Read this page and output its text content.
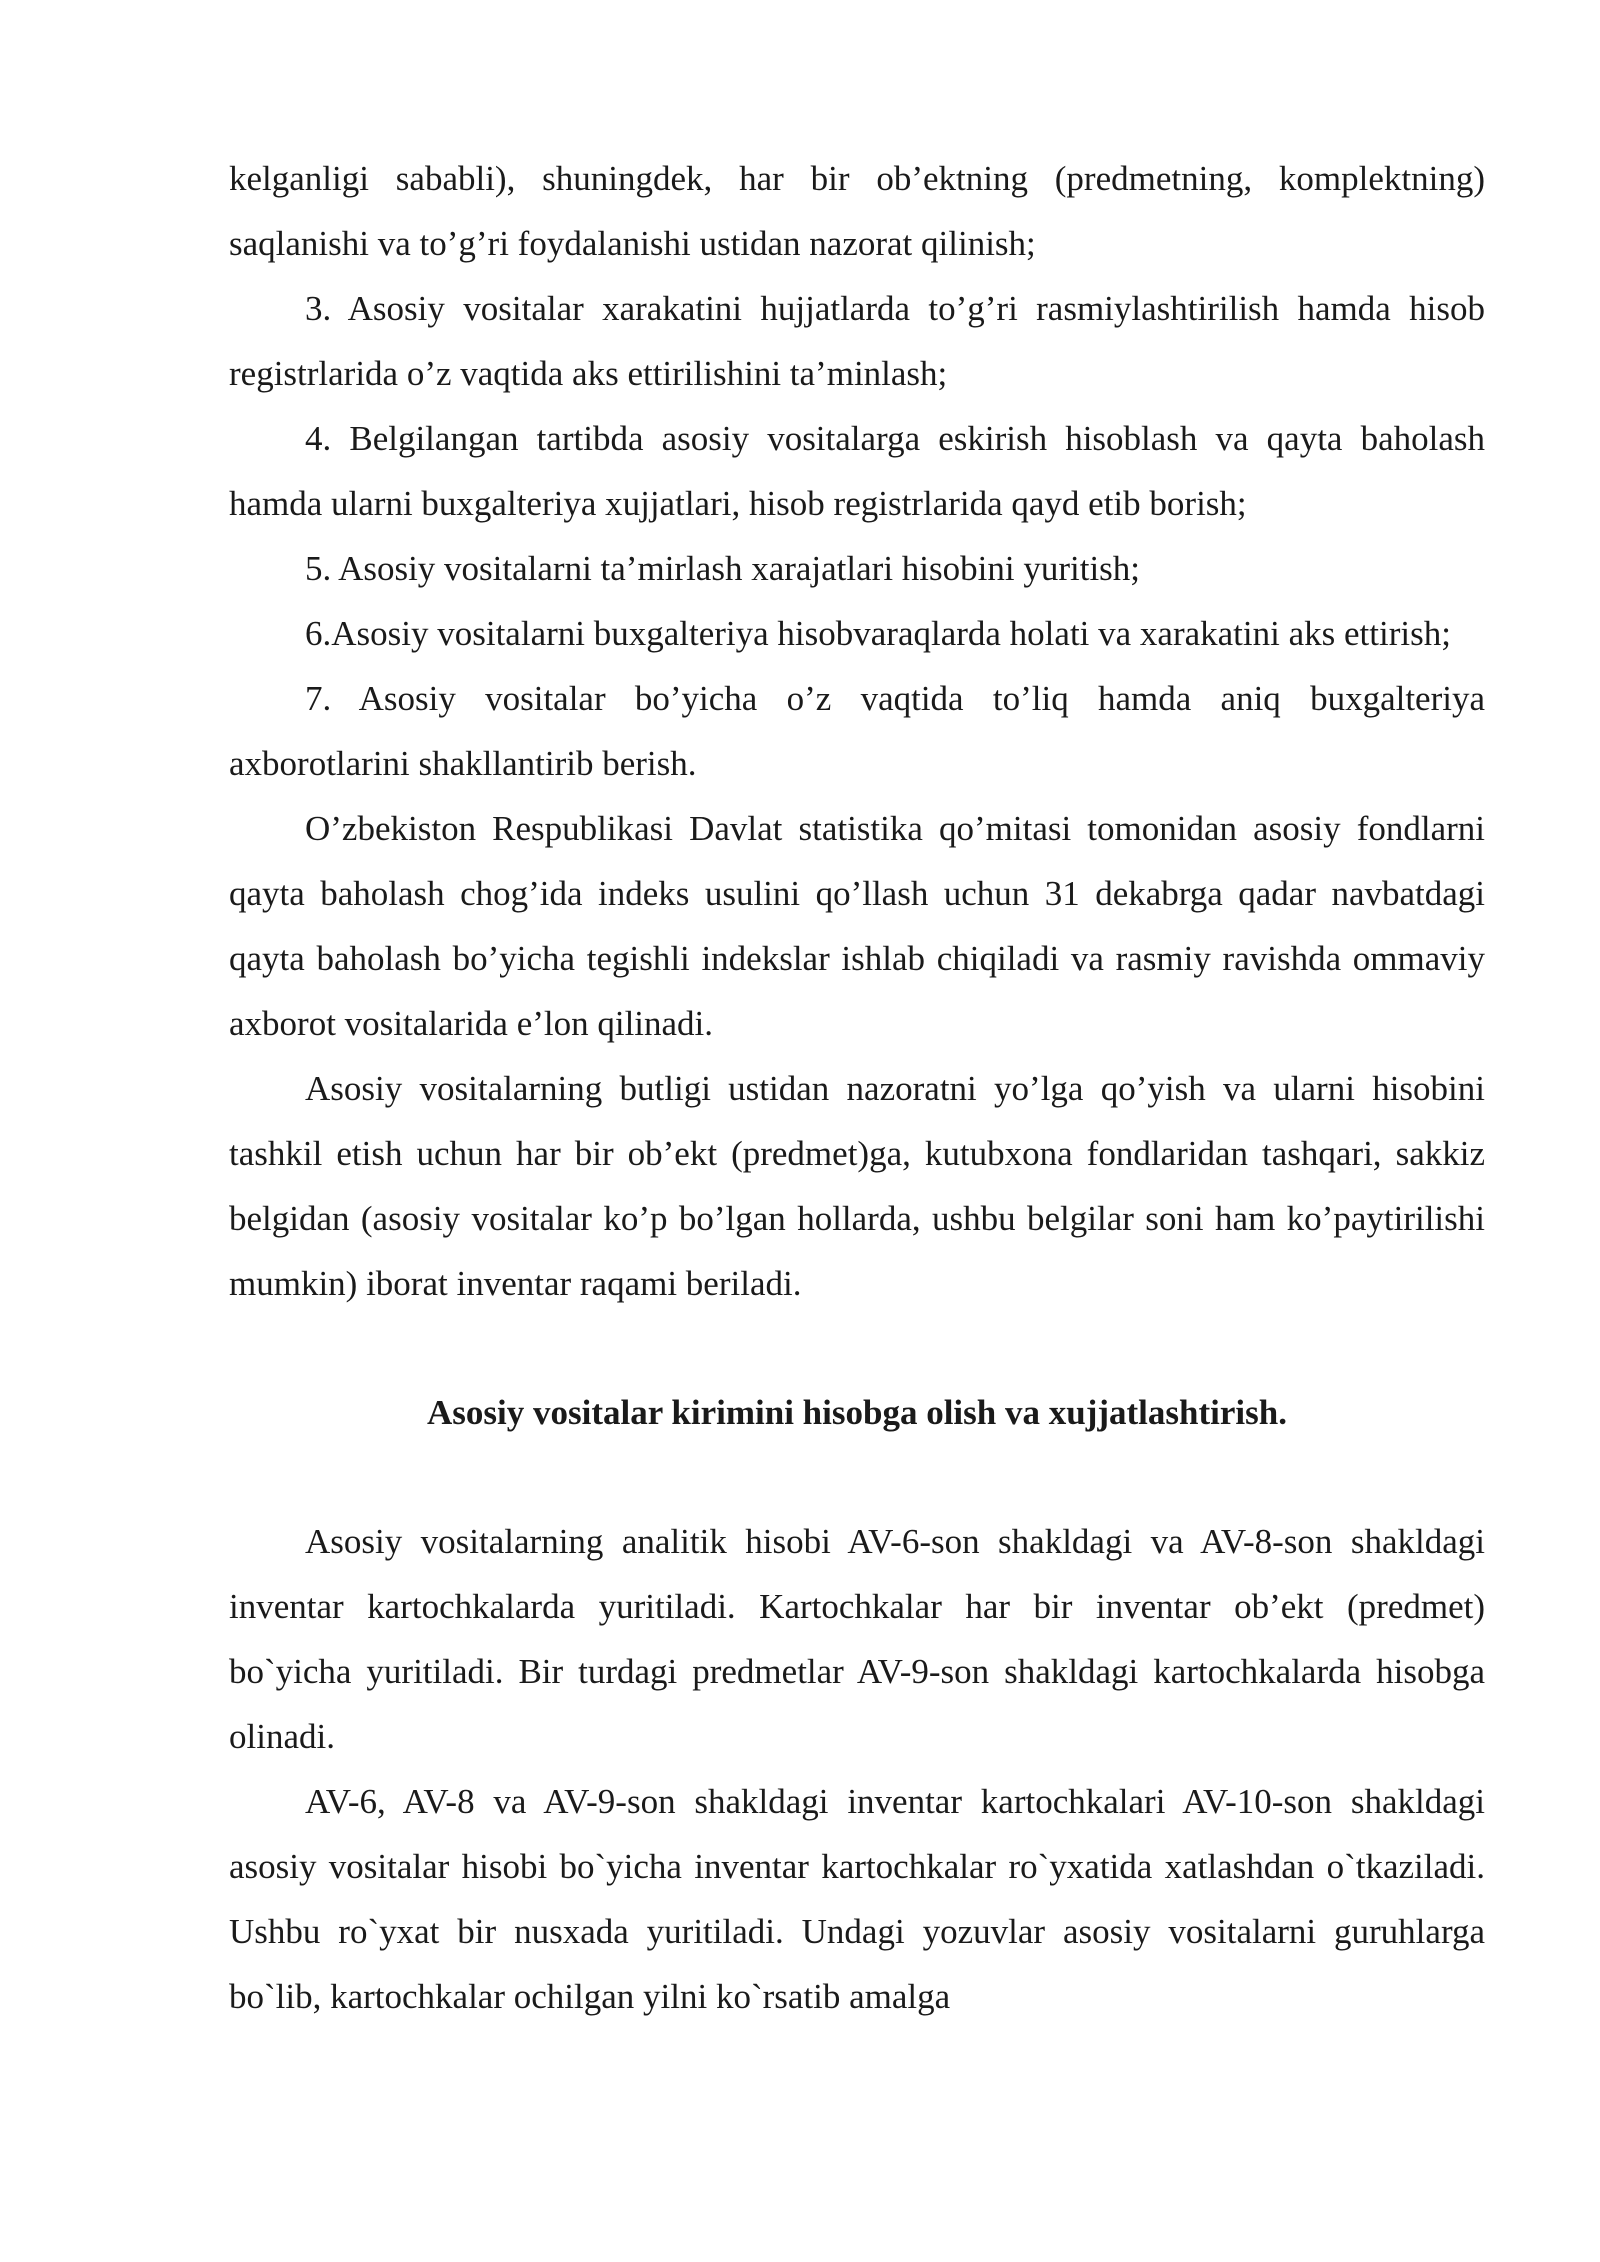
kelganligi sababli), shuningdek, har bir ob’ektning (predmetning, komplektning) saqlanishi va to’g’ri foydalanishi ustidan nazorat qilinish;

3. Asosiy vositalar xarakatini hujjatlarda to’g’ri rasmiylashtirilish hamda hisob registrlarida o’z vaqtida aks ettirilishini ta’minlash;

4. Belgilangan tartibda asosiy vositalarga eskirish hisoblash va qayta baholash hamda ularni buxgalteriya xujjatlari, hisob registrlarida qayd etib borish;

5. Asosiy vositalarni ta’mirlash xarajatlari hisobini yuritish;

6.Asosiy vositalarni buxgalteriya hisobvaraqlarda holati va xarakatini aks ettirish;

7. Asosiy vositalar bo’yicha o’z vaqtida to’liq hamda aniq buxgalteriya axborotlarini shakllantirib berish.

O’zbekiston Respublikasi Davlat statistika qo’mitasi tomonidan asosiy fondlarni qayta baholash chog’ida indeks usulini qo’llash uchun 31 dekabrga qadar navbatdagi qayta baholash bo’yicha tegishli indekslar ishlab chiqiladi va rasmiy ravishda ommaviy axborot vositalarida e’lon qilinadi.

Asosiy vositalarning butligi ustidan nazoratni yo’lga qo’yish va ularni hisobini tashkil etish uchun har bir ob’ekt (predmet)ga, kutubxona fondlaridan tashqari, sakkiz belgidan (asosiy vositalar ko’p bo’lgan hollarda, ushbu belgilar soni ham ko’paytirilishi mumkin) iborat inventar raqami beriladi.

Asosiy vositalar kirimini hisobga olish va xujjatlashtirish.

Asosiy vositalarning analitik hisobi AV-6-son shakldagi va AV-8-son shakldagi inventar kartochkalarda yuritiladi. Kartochkalar har bir inventar ob’ekt (predmet) bo`yicha yuritiladi. Bir turdagi predmetlar AV-9-son shakldagi kartochkalarda hisobga olinadi.

AV-6, AV-8 va AV-9-son shakldagi inventar kartochkalari AV-10-son shakldagi asosiy vositalar hisobi bo`yicha inventar kartochkalar ro`yxatida xatlashdan o`tkaziladi. Ushbu ro`yxat bir nusxada yuritiladi. Undagi yozuvlar asosiy vositalarni guruhlarga bo`lib, kartochkalar ochilgan yilni ko`rsatib amalga
